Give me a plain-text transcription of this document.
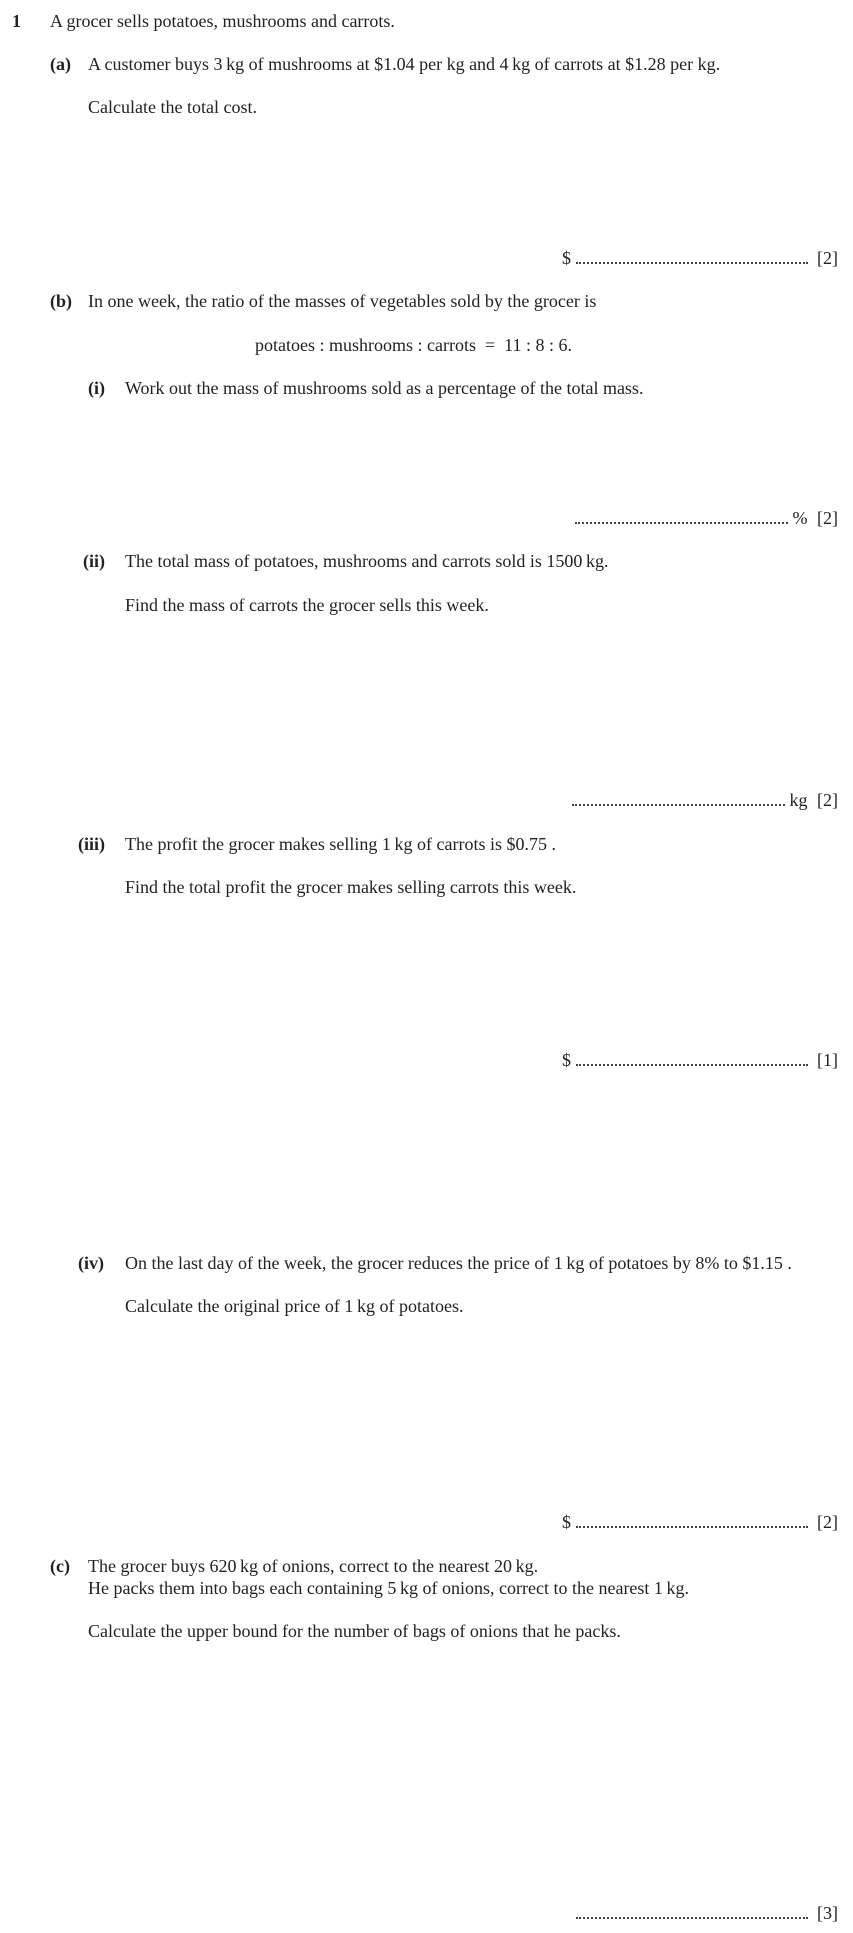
1 A grocer sells potatoes, mushrooms and carrots.
(a) A customer buys 3 kg of mushrooms at $1.04 per kg and 4 kg of carrots at $1.28 per kg.
Calculate the total cost.
$	[2]
(b) In one week, the ratio of the masses of vegetables sold by the grocer is
potatoes : mushrooms : carrots  =  11 : 8 : 6.
(i) Work out the mass of mushrooms sold as a percentage of the total mass.
% [2]
(ii) The total mass of potatoes, mushrooms and carrots sold is 1500 kg.
Find the mass of carrots the grocer sells this week.
kg [2]
(iii) The profit the grocer makes selling 1 kg of carrots is $0.75 .
Find the total profit the grocer makes selling carrots this week.
$	[1]
(iv) On the last day of the week, the grocer reduces the price of 1 kg of potatoes by 8% to $1.15 .
Calculate the original price of 1 kg of potatoes.
$	[2]
(c) The grocer buys 620 kg of onions, correct to the nearest 20 kg.
He packs them into bags each containing 5 kg of onions, correct to the nearest 1 kg.
Calculate the upper bound for the number of bags of onions that he packs.
[3]
